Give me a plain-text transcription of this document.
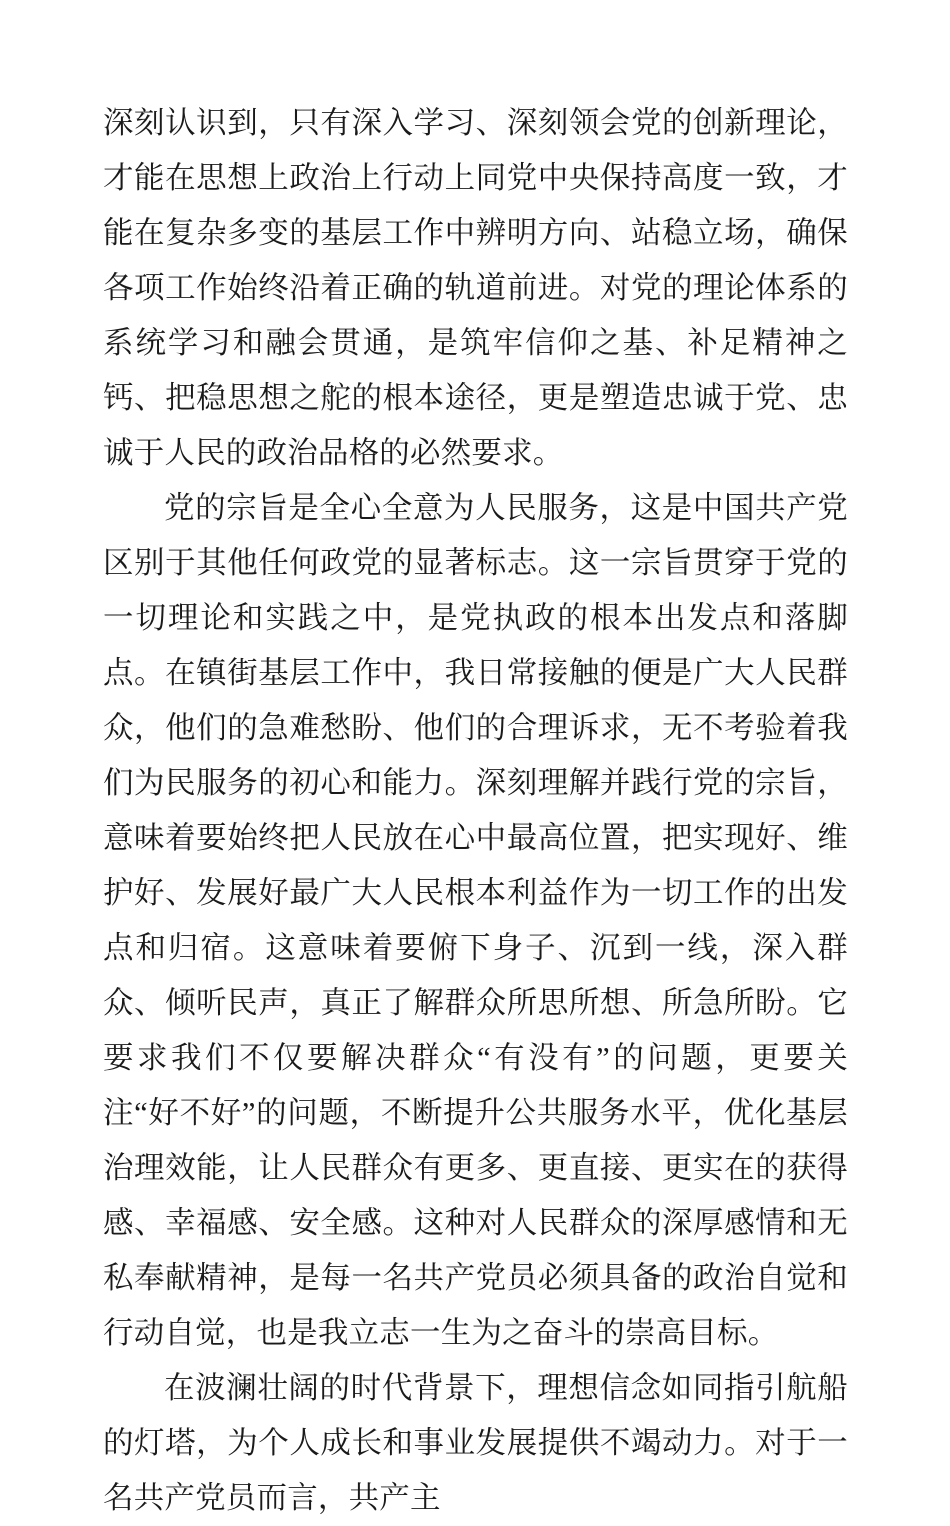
深刻认识到，只有深入学习、深刻领会党的创新理论，才能在思想上政治上行动上同党中央保持高度一致，才能在复杂多变的基层工作中辨明方向、站稳立场，确保各项工作始终沿着正确的轨道前进。对党的理论体系的系统学习和融会贯通，是筑牢信仰之基、补足精神之钙、把稳思想之舵的根本途径，更是塑造忠诚于党、忠诚于人民的政治品格的必然要求。

党的宗旨是全心全意为人民服务，这是中国共产党区别于其他任何政党的显著标志。这一宗旨贯穿于党的一切理论和实践之中，是党执政的根本出发点和落脚点。在镇街基层工作中，我日常接触的便是广大人民群众，他们的急难愁盼、他们的合理诉求，无不考验着我们为民服务的初心和能力。深刻理解并践行党的宗旨，意味着要始终把人民放在心中最高位置，把实现好、维护好、发展好最广大人民根本利益作为一切工作的出发点和归宿。这意味着要俯下身子、沉到一线，深入群众、倾听民声，真正了解群众所思所想、所急所盼。它要求我们不仅要解决群众“有没有”的问题，更要关注“好不好”的问题，不断提升公共服务水平，优化基层治理效能，让人民群众有更多、更直接、更实在的获得感、幸福感、安全感。这种对人民群众的深厚感情和无私奉献精神，是每一名共产党员必须具备的政治自觉和行动自觉，也是我立志一生为之奋斗的崇高目标。

在波澜壮阔的时代背景下，理想信念如同指引航船的灯塔，为个人成长和事业发展提供不竭动力。对于一名共产党员而言，共产主
